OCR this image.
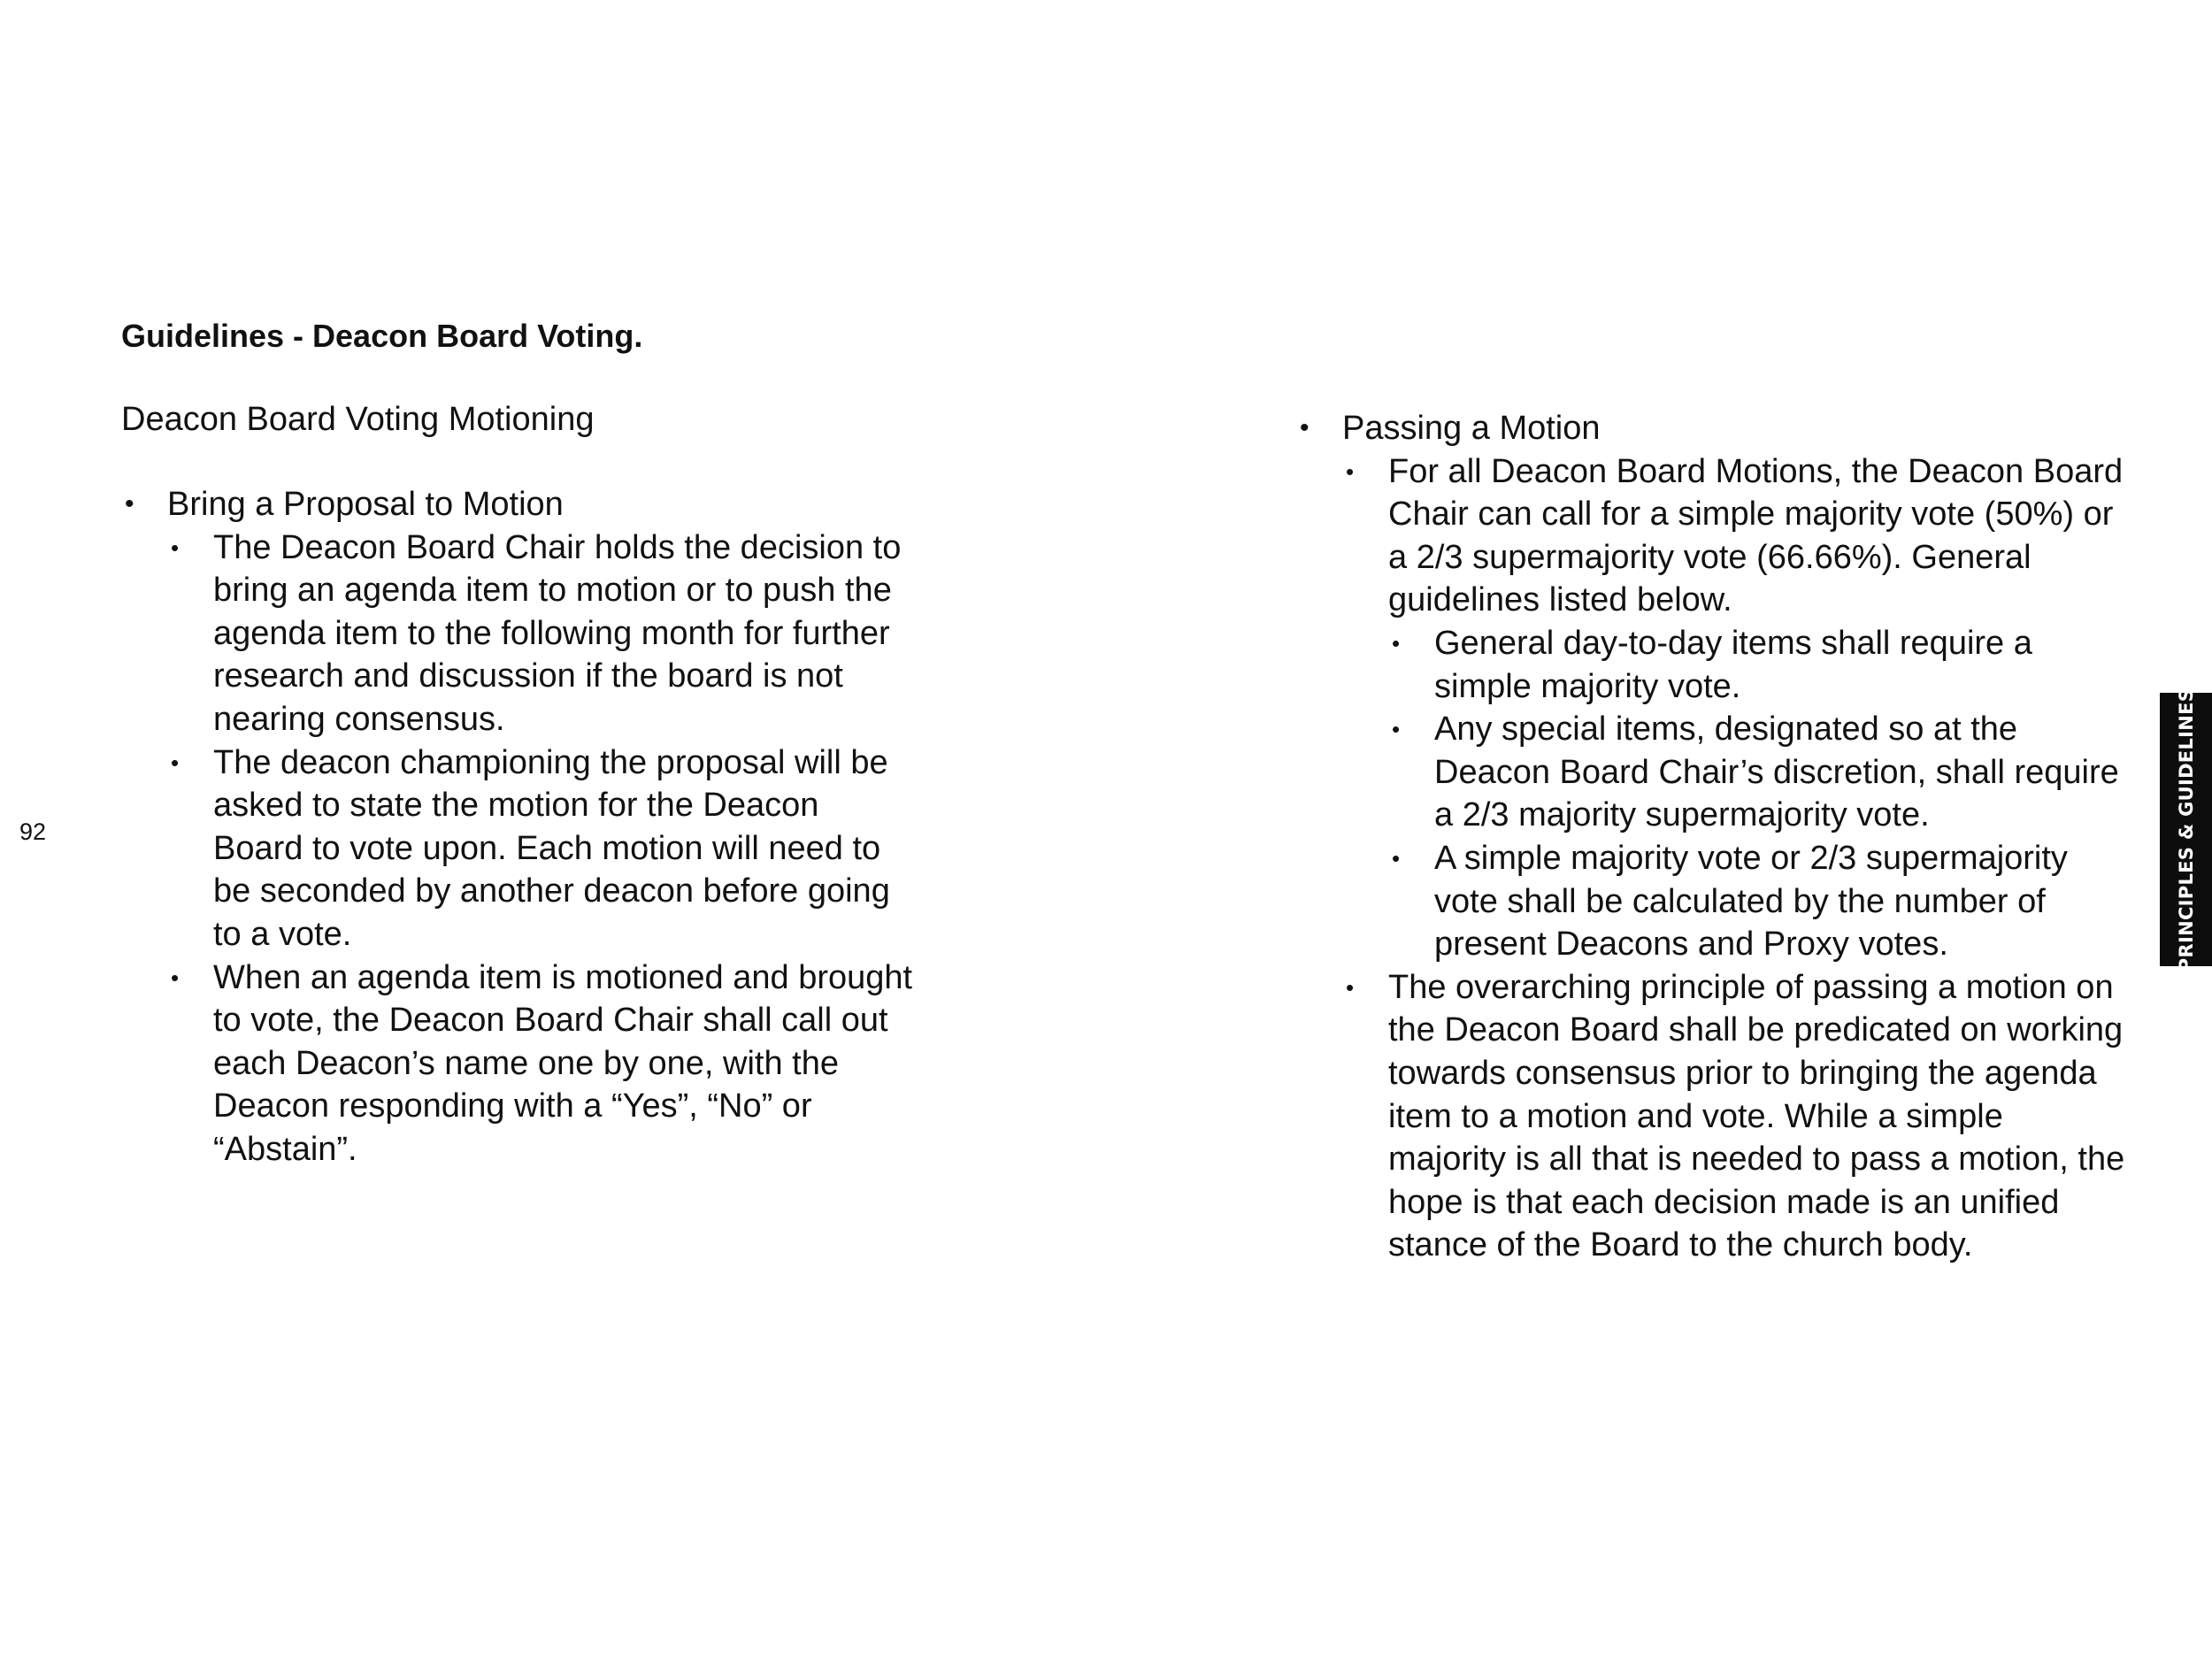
92
Guidelines - Deacon Board Voting.
Deacon Board Voting Motioning
• Bring a Proposal to Motion
• The Deacon Board Chair holds the decision to bring an agenda item to motion or to push the agenda item to the following month for further research and discussion if the board is not nearing consensus.
• The deacon championing the proposal will be asked to state the motion for the Deacon Board to vote upon. Each motion will need to be seconded by another deacon before going to a vote.
• When an agenda item is motioned and brought to vote, the Deacon Board Chair shall call out each Deacon’s name one by one, with the Deacon responding with a “Yes”, “No” or “Abstain”.
• Passing a Motion
• For all Deacon Board Motions, the Deacon Board Chair can call for a simple majority vote (50%) or a 2/3 supermajority vote (66.66%). General guidelines listed below.
• General day-to-day items shall require a simple majority vote.
• Any special items, designated so at the Deacon Board Chair’s discretion, shall require a 2/3 majority supermajority vote.
• A simple majority vote or 2/3 supermajority vote shall be calculated by the number of present Deacons and Proxy votes.
• The overarching principle of passing a motion on the Deacon Board shall be predicated on working towards consensus prior to bringing the agenda item to a motion and vote. While a simple majority is all that is needed to pass a motion, the hope is that each decision made is an unified stance of the Board to the church body.
PRINCIPLES & GUIDELINES
